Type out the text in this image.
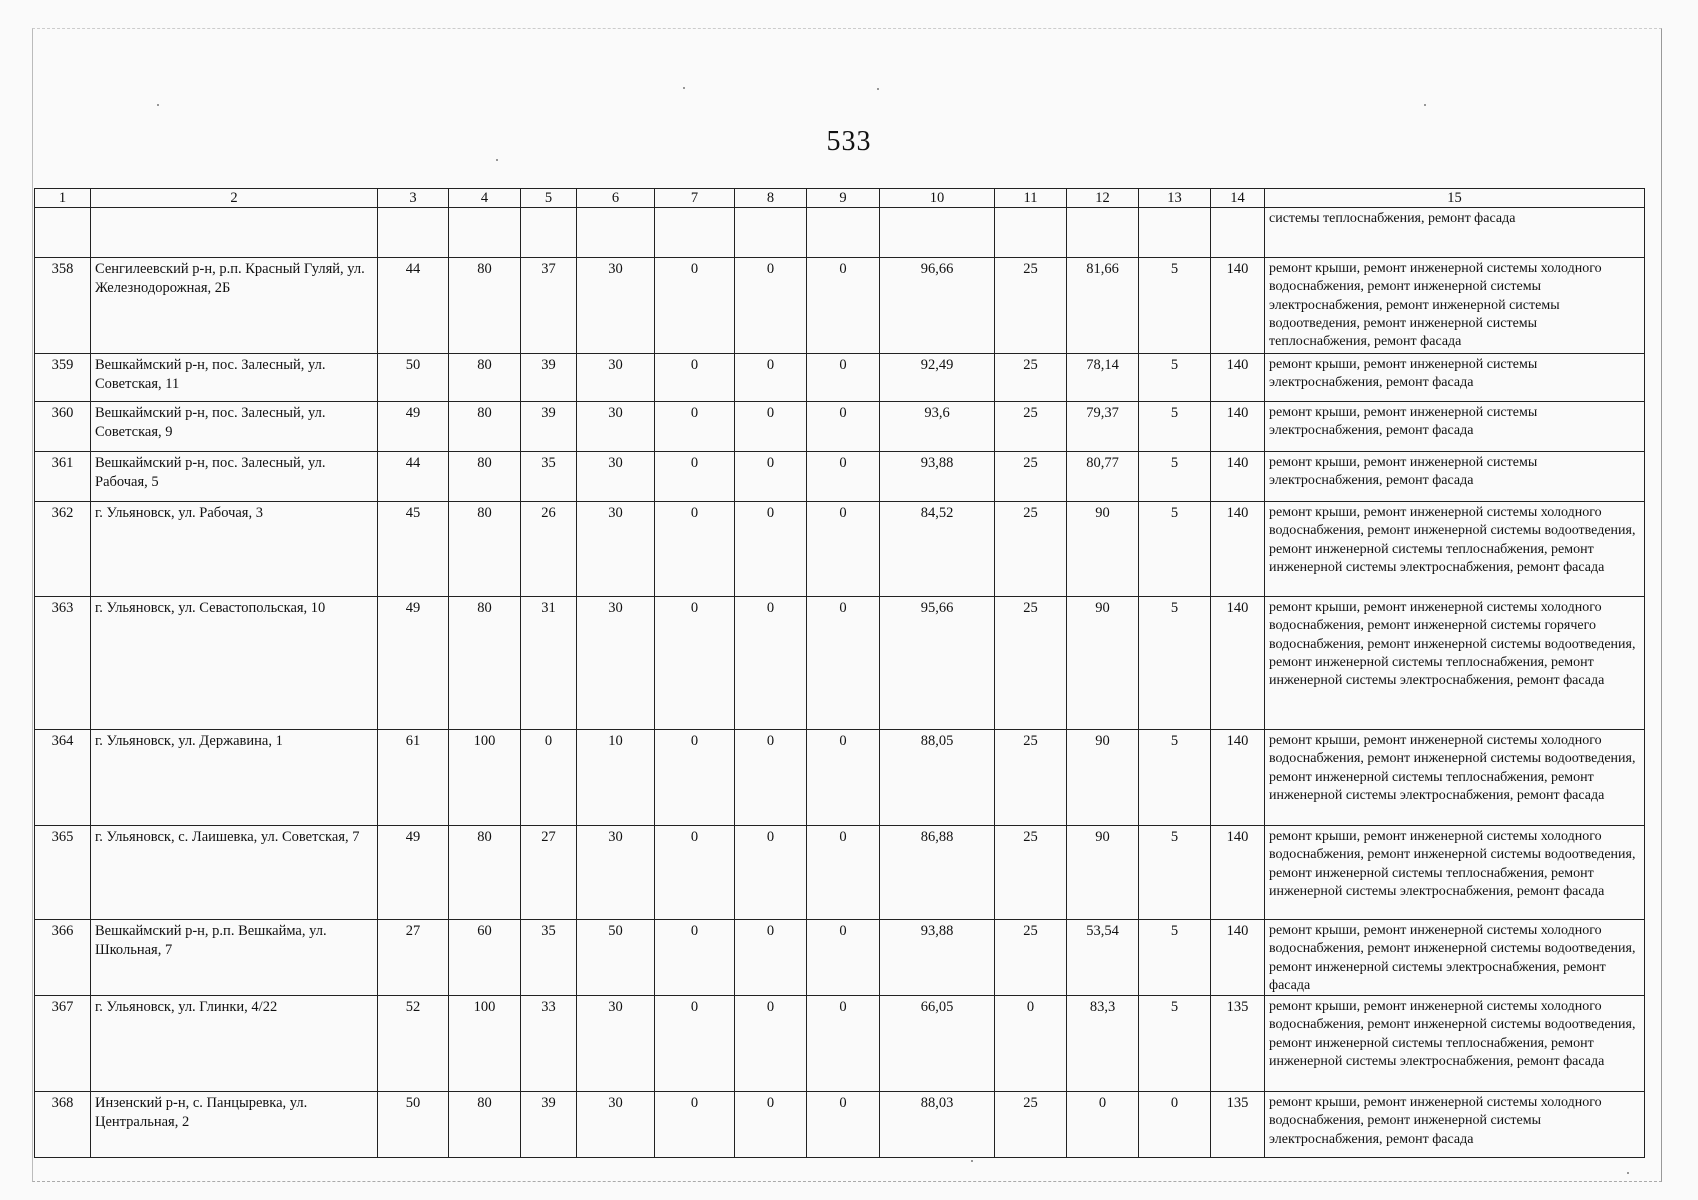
533
1	2	3	4	5	6	7	8	9	10	11	12	13	14	15
														системы теплоснабжения, ремонт фасада
358	Сенгилеевский р-н, р.п. Красный Гуляй, ул. Железнодорожная, 2Б	44	80	37	30	0	0	0	96,66	25	81,66	5	140	ремонт крыши, ремонт инженерной системы холодного водоснабжения, ремонт инженерной системы электроснабжения, ремонт инженерной системы водоотведения, ремонт инженерной системы теплоснабжения, ремонт фасада
359	Вешкаймский р-н, пос. Залесный, ул. Советская, 11	50	80	39	30	0	0	0	92,49	25	78,14	5	140	ремонт крыши, ремонт инженерной системы электроснабжения, ремонт фасада
360	Вешкаймский р-н, пос. Залесный, ул. Советская, 9	49	80	39	30	0	0	0	93,6	25	79,37	5	140	ремонт крыши, ремонт инженерной системы электроснабжения, ремонт фасада
361	Вешкаймский р-н, пос. Залесный, ул. Рабочая, 5	44	80	35	30	0	0	0	93,88	25	80,77	5	140	ремонт крыши, ремонт инженерной системы электроснабжения, ремонт фасада
362	г. Ульяновск, ул. Рабочая, 3	45	80	26	30	0	0	0	84,52	25	90	5	140	ремонт крыши, ремонт инженерной системы холодного водоснабжения, ремонт инженерной системы водоотведения, ремонт инженерной системы теплоснабжения, ремонт инженерной системы электроснабжения, ремонт фасада
363	г. Ульяновск, ул. Севастопольская, 10	49	80	31	30	0	0	0	95,66	25	90	5	140	ремонт крыши, ремонт инженерной системы холодного водоснабжения, ремонт инженерной системы горячего водоснабжения, ремонт инженерной системы водоотведения, ремонт инженерной системы теплоснабжения, ремонт инженерной системы электроснабжения, ремонт фасада
364	г. Ульяновск, ул. Державина, 1	61	100	0	10	0	0	0	88,05	25	90	5	140	ремонт крыши, ремонт инженерной системы холодного водоснабжения, ремонт инженерной системы водоотведения, ремонт инженерной системы теплоснабжения, ремонт инженерной системы электроснабжения, ремонт фасада
365	г. Ульяновск, с. Лаишевка, ул. Советская, 7	49	80	27	30	0	0	0	86,88	25	90	5	140	ремонт крыши, ремонт инженерной системы холодного водоснабжения, ремонт инженерной системы водоотведения, ремонт инженерной системы теплоснабжения, ремонт инженерной системы электроснабжения, ремонт фасада
366	Вешкаймский р-н, р.п. Вешкайма, ул. Школьная, 7	27	60	35	50	0	0	0	93,88	25	53,54	5	140	ремонт крыши, ремонт инженерной системы холодного водоснабжения, ремонт инженерной системы водоотведения, ремонт инженерной системы электроснабжения, ремонт фасада
367	г. Ульяновск, ул. Глинки, 4/22	52	100	33	30	0	0	0	66,05	0	83,3	5	135	ремонт крыши, ремонт инженерной системы холодного водоснабжения, ремонт инженерной системы водоотведения, ремонт инженерной системы теплоснабжения, ремонт инженерной системы электроснабжения, ремонт фасада
368	Инзенский р-н, с. Панцыревка, ул. Центральная, 2	50	80	39	30	0	0	0	88,03	25	0	0	135	ремонт крыши, ремонт инженерной системы холодного водоснабжения, ремонт инженерной системы электроснабжения, ремонт фасада
